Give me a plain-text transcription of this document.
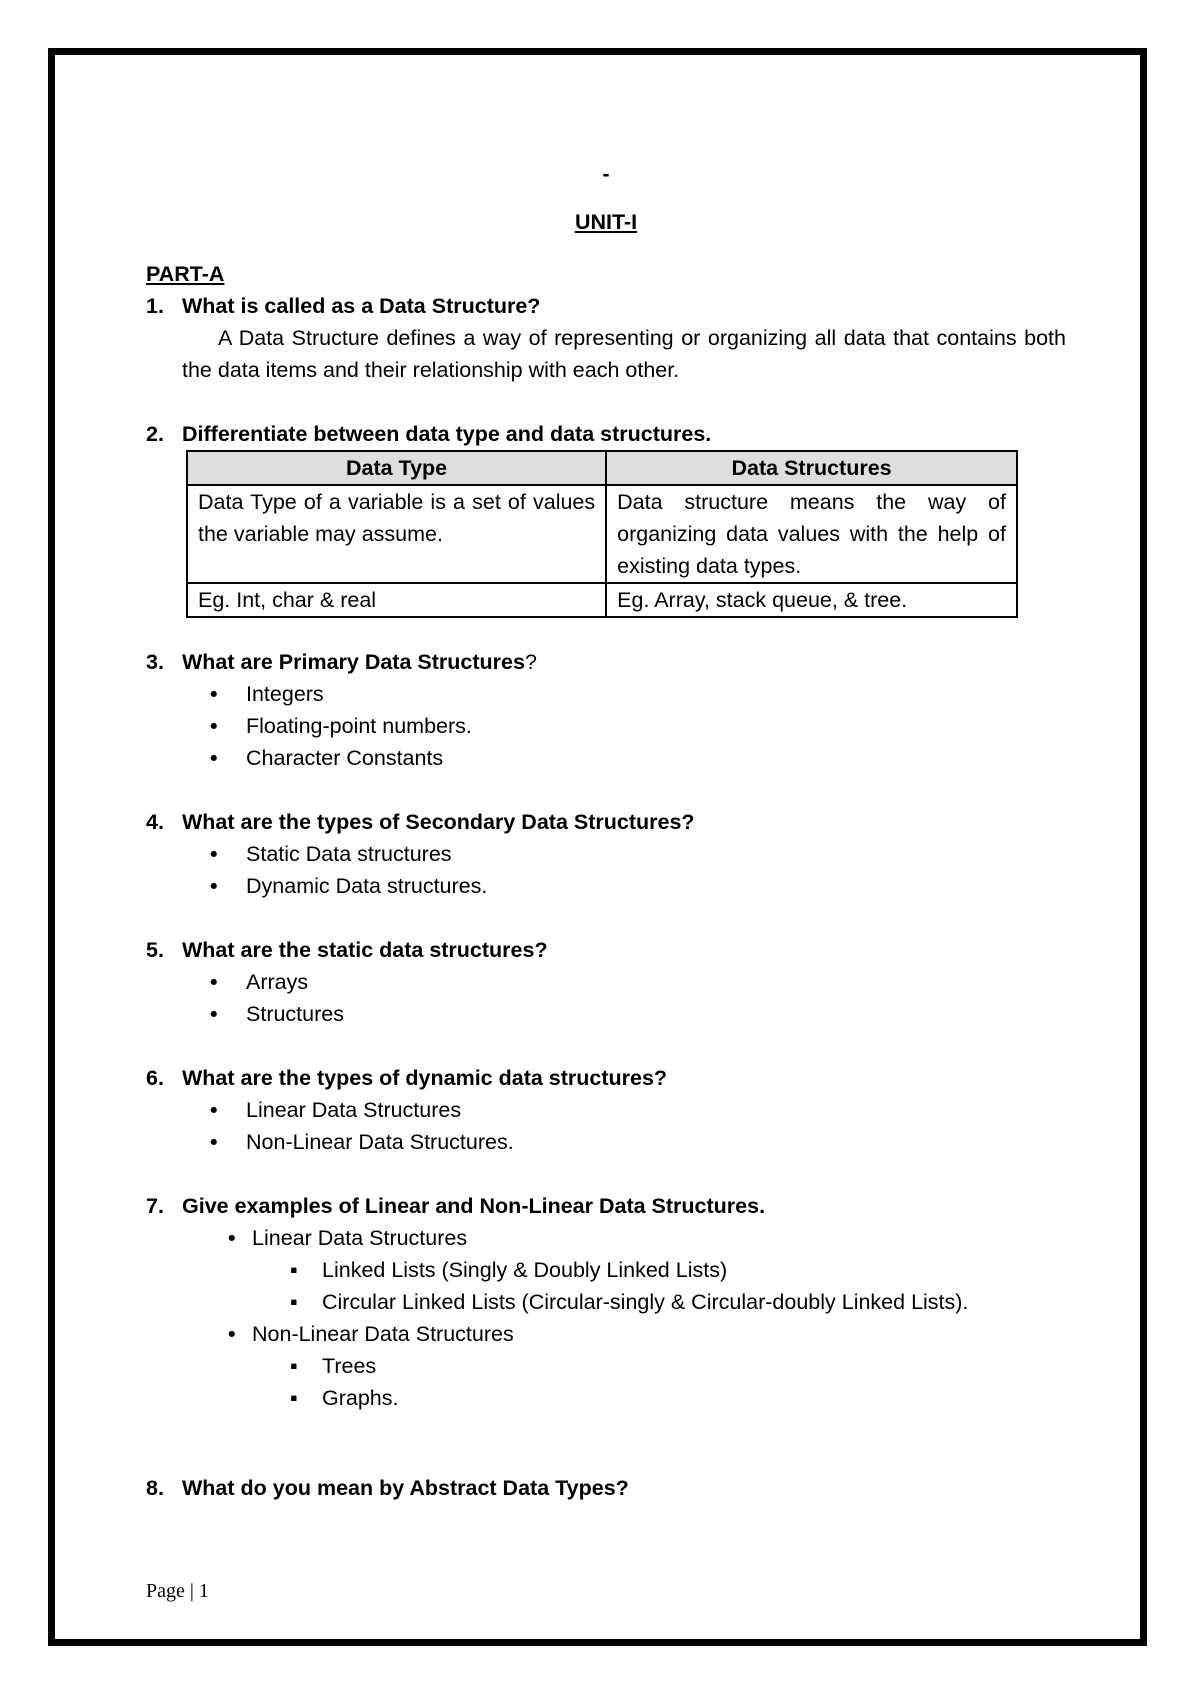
-
UNIT-I
PART-A
1. What is called as a Data Structure?
A Data Structure defines a way of representing or organizing all data that contains both the data items and their relationship with each other.
2. Differentiate between data type and data structures.
Data Type	Data Structures
Data Type of a variable is a set of values the variable may assume.	Data structure means the way of organizing data values with the help of existing data types.
Eg. Int, char & real	Eg. Array, stack queue, & tree.
3. What are Primary Data Structures?
• Integers
• Floating-point numbers.
• Character Constants
4. What are the types of Secondary Data Structures?
• Static Data structures
• Dynamic Data structures.
5. What are the static data structures?
• Arrays
• Structures
6. What are the types of dynamic data structures?
• Linear Data Structures
• Non-Linear Data Structures.
7. Give examples of Linear and Non-Linear Data Structures.
• Linear Data Structures
▪ Linked Lists (Singly & Doubly Linked Lists)
▪ Circular Linked Lists (Circular-singly & Circular-doubly Linked Lists).
• Non-Linear Data Structures
▪ Trees
▪ Graphs.
8. What do you mean by Abstract Data Types?
Page | 1
